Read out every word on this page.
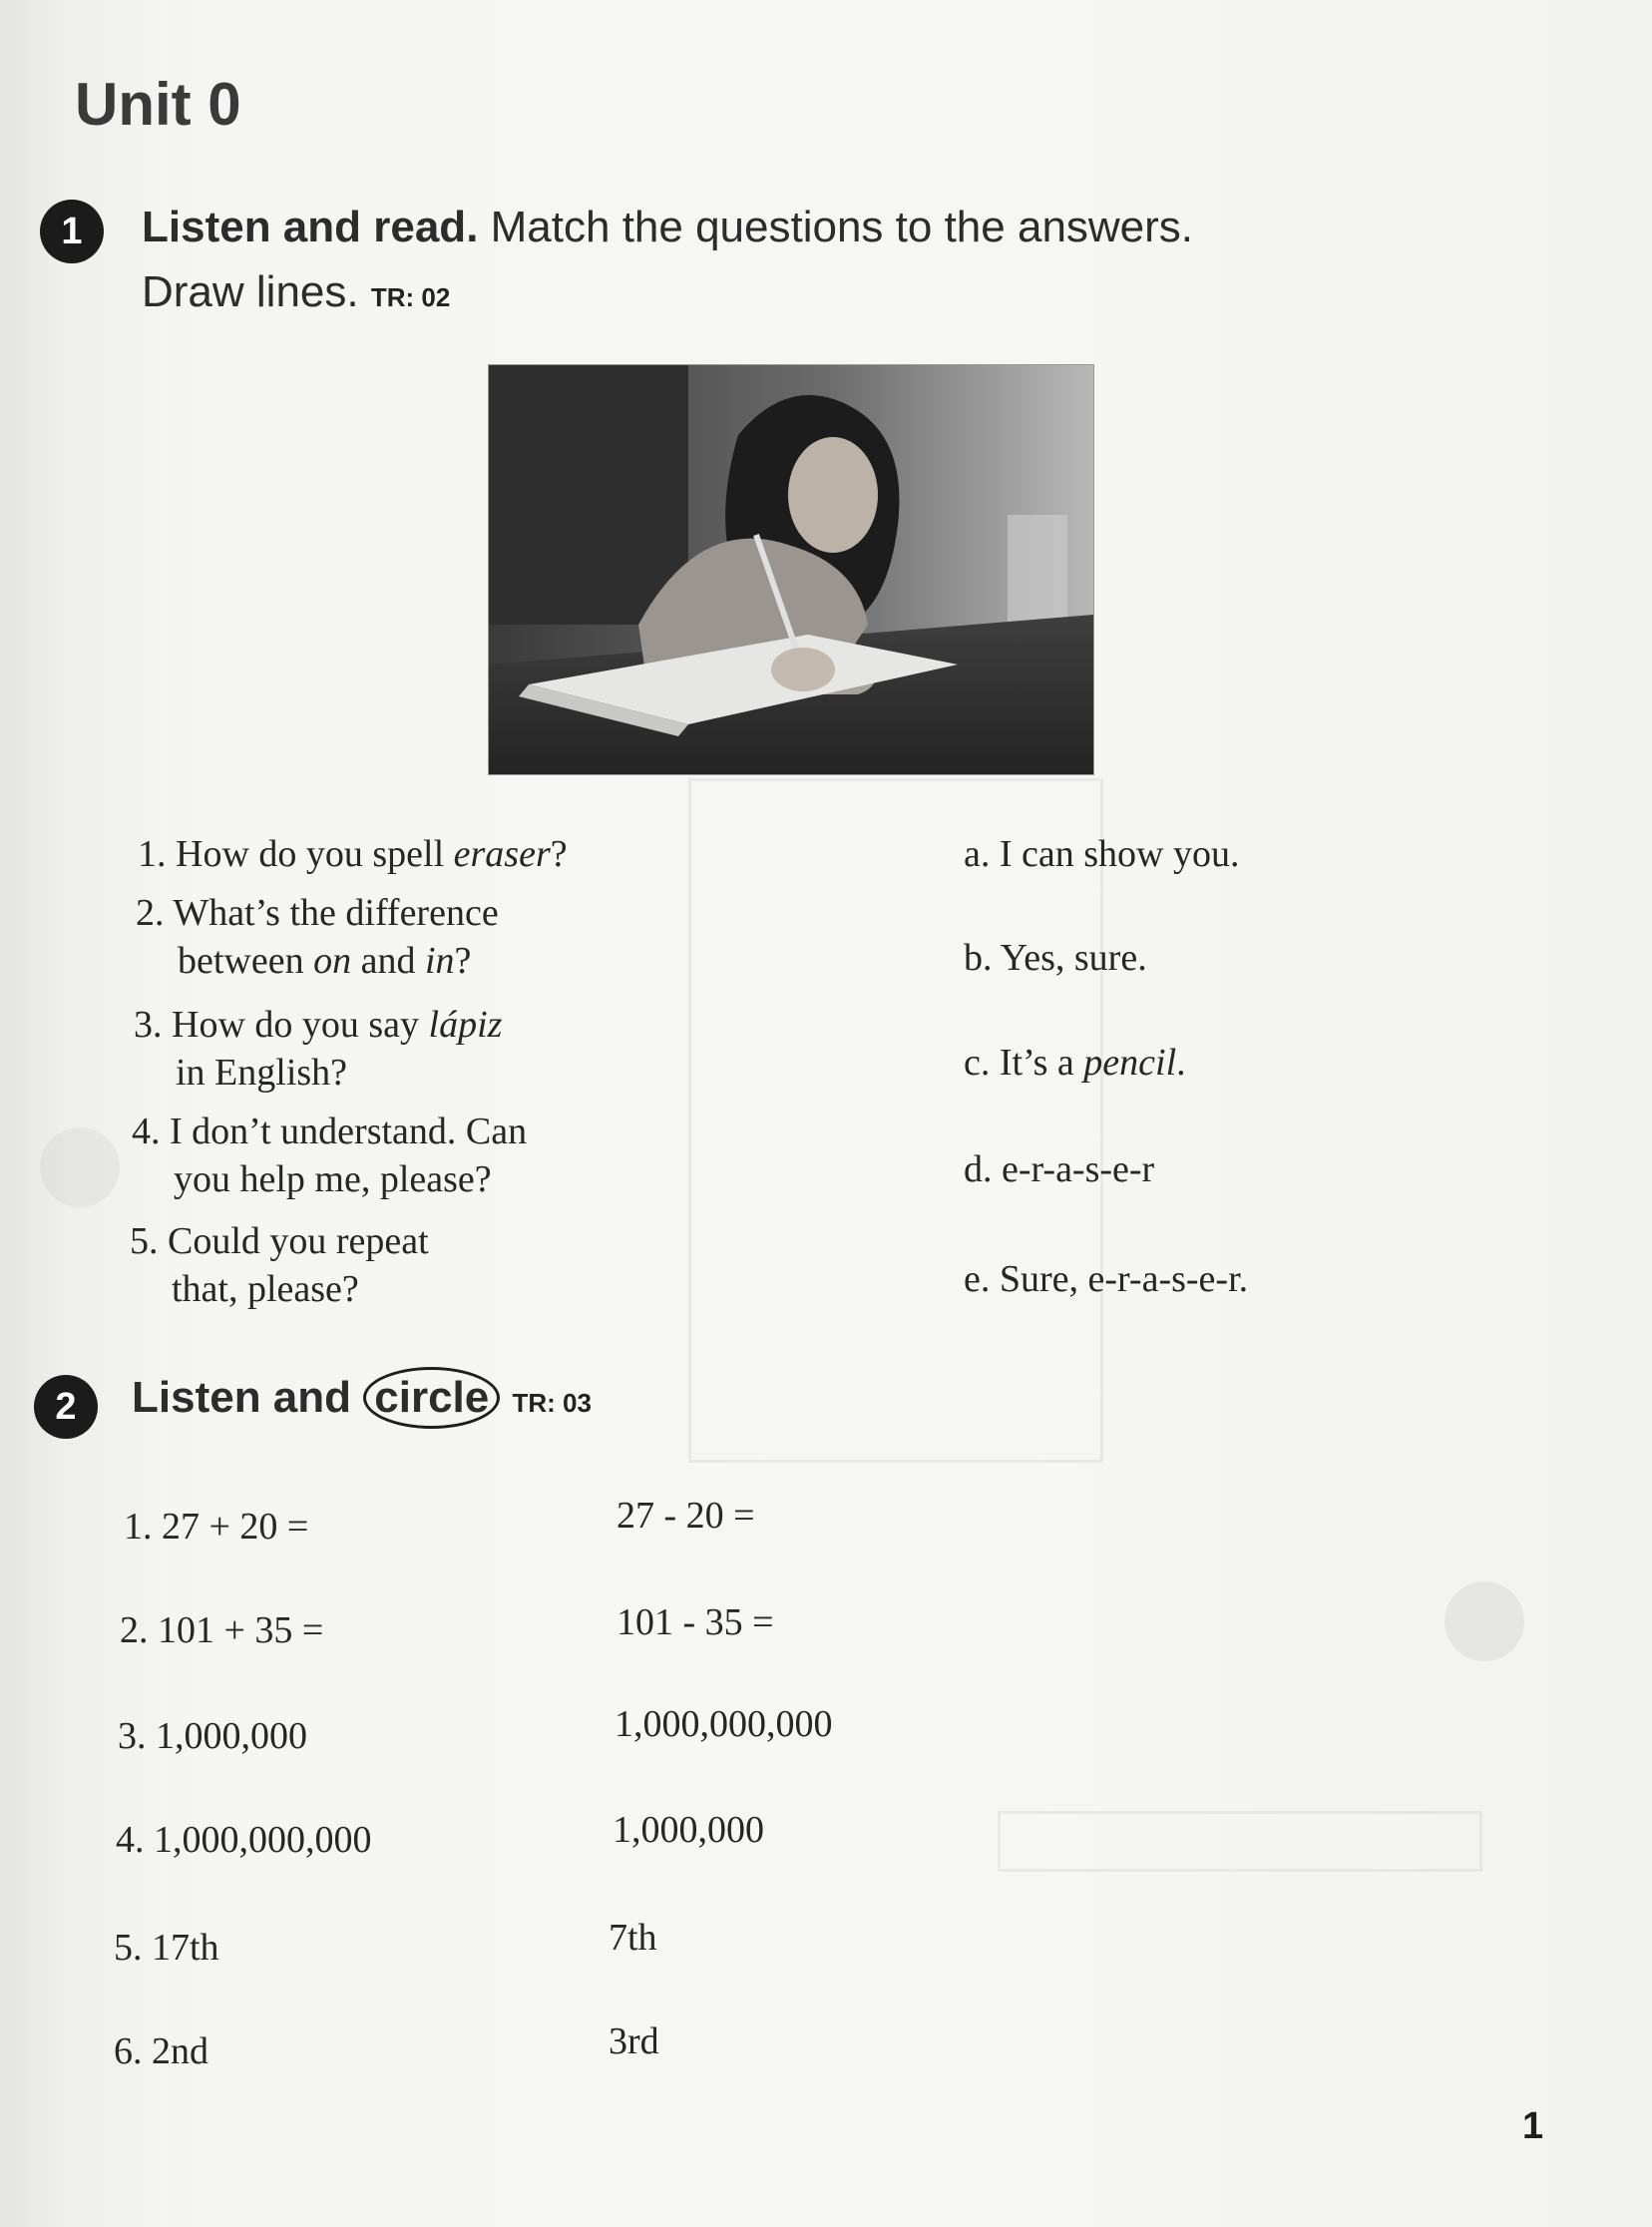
Unit 0
1	Listen and read. Match the questions to the answers.
Draw lines. TR: 02
1. How do you spell eraser?
2. What’s the difference
between on and in?
3. How do you say lápiz
in English?
4. I don’t understand. Can
you help me, please?
5. Could you repeat
that, please?
a. I can show you.
b. Yes, sure.
c. It’s a pencil.
d. e-r-a-s-e-r
e. Sure, e-r-a-s-e-r.
2	Listen and circle TR: 03
1. 27 + 20 =	27 - 20 =
2. 101 + 35 =	101 - 35 =
3. 1,000,000	1,000,000,000
4. 1,000,000,000	1,000,000
5. 17th	7th
6. 2nd	3rd
1
